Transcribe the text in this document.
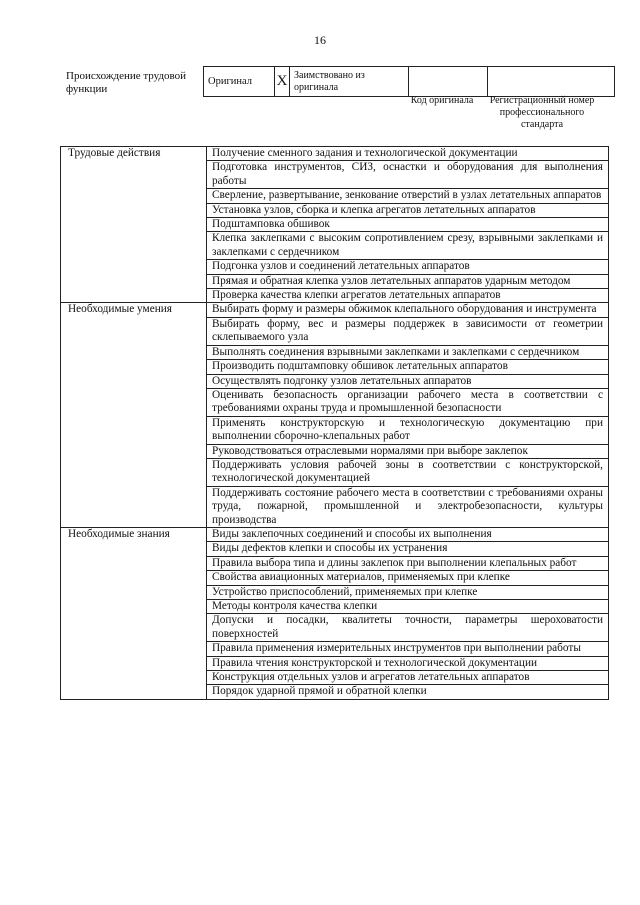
16
Происхождение трудовой функции
Оригинал	X	Заимствовано из оригинала		
Код оригинала	Регистрационный номер профессионального стандарта
Трудовые действия	Получение сменного задания и технологической документации
	Подготовка инструментов, СИЗ, оснастки и оборудования для выполнения работы
	Сверление, развертывание, зенкование отверстий в узлах летательных аппаратов
	Установка узлов, сборка и клепка агрегатов летательных аппаратов
	Подштамповка обшивок
	Клепка заклепками с высоким сопротивлением срезу, взрывными заклепками и заклепками с сердечником
	Подгонка узлов и соединений летательных аппаратов
	Прямая и обратная клепка узлов летательных аппаратов ударным методом
	Проверка качества клепки агрегатов летательных аппаратов
Необходимые умения	Выбирать форму и размеры обжимок клепального оборудования и инструмента
	Выбирать форму, вес и размеры поддержек в зависимости от геометрии склепываемого узла
	Выполнять соединения взрывными заклепками и заклепками с сердечником
	Производить подштамповку обшивок летательных аппаратов
	Осуществлять подгонку узлов летательных аппаратов
	Оценивать безопасность организации рабочего места в соответствии с требованиями охраны труда и промышленной безопасности
	Применять конструкторскую и технологическую документацию при выполнении сборочно-клепальных работ
	Руководствоваться отраслевыми нормалями при выборе заклепок
	Поддерживать условия рабочей зоны в соответствии с конструкторской, технологической документацией
	Поддерживать состояние рабочего места в соответствии с требованиями охраны труда, пожарной, промышленной и электробезопасности, культуры производства
Необходимые знания	Виды заклепочных соединений и способы их выполнения
	Виды дефектов клепки и способы их устранения
	Правила выбора типа и длины заклепок при выполнении клепальных работ
	Свойства авиационных материалов, применяемых при клепке
	Устройство приспособлений, применяемых при клепке
	Методы контроля качества клепки
	Допуски и посадки, квалитеты точности, параметры шероховатости поверхностей
	Правила применения измерительных инструментов при выполнении работы
	Правила чтения конструкторской и технологической документации
	Конструкция отдельных узлов и агрегатов летательных аппаратов
	Порядок ударной прямой и обратной клепки
